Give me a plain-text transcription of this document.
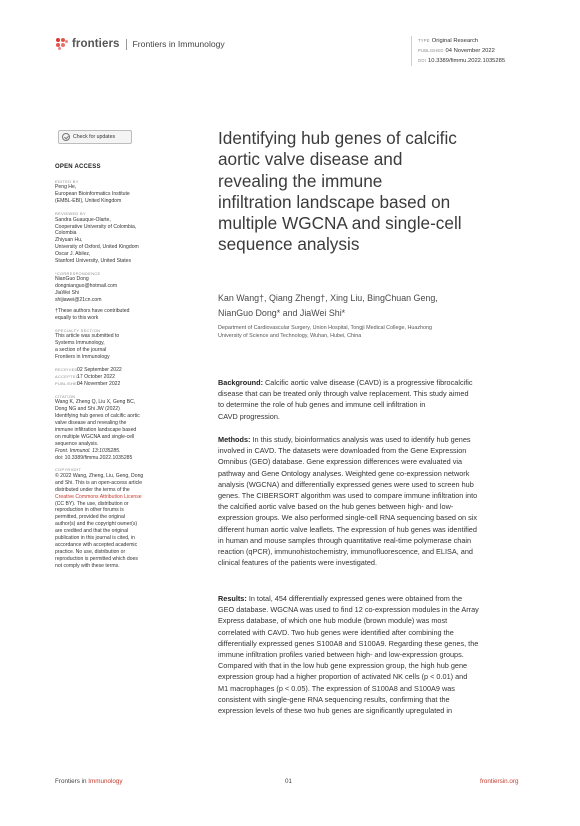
frontiers Frontiers in Immunology	TYPE Original Research
PUBLISHED 04 November 2022
DOI 10.3389/fimmu.2022.1035285
Check for updates
OPEN ACCESS
EDITED BY
Peng He,
European Bioinformatics Institute
(EMBL-EBI), United Kingdom
REVIEWED BY
Sandra Guauque-Olarte,
Cooperative University of Colombia,
Colombia
Zhiyuan Hu,
University of Oxford, United Kingdom
Oscar J. Abilez,
Stanford University, United States
*CORRESPONDENCE
NianGuo Dong
dongnianguo@hotmail.com
JiaWei Shi
shijiawei@21cn.com
†These authors have contributed
equally to this work
SPECIALTY SECTION
This article was submitted to
Systems Immunology,
a section of the journal
Frontiers in Immunology
RECEIVED02 September 2022
ACCEPTED17 October 2022
PUBLISHED04 November 2022
CITATION
Wang K, Zheng Q, Liu X, Geng BC,
Dong NG and Shi JW (2022)
Identifying hub genes of calcific aortic
valve disease and revealing the
immune infiltration landscape based
on multiple WGCNA and single-cell
sequence analysis.
Front. Immunol. 13:1035285.
doi: 10.3389/fimmu.2022.1035285
COPYRIGHT
© 2022 Wang, Zheng, Liu, Geng, Dong
and Shi. This is an open-access article
distributed under the terms of the
Creative Commons Attribution License
(CC BY). The use, distribution or
reproduction in other forums is
permitted, provided the original
author(s) and the copyright owner(s)
are credited and that the original
publication in this journal is cited, in
accordance with accepted academic
practice. No use, distribution or
reproduction is permitted which does
not comply with these terms.
Identifying hub genes of calcific
aortic valve disease and
revealing the immune
infiltration landscape based on
multiple WGCNA and single-cell
sequence analysis
Kan Wang†, Qiang Zheng†, Xing Liu, BingChuan Geng,
NianGuo Dong* and JiaWei Shi*
Department of Cardiovascular Surgery, Union Hospital, Tongji Medical College, Huazhong
University of Science and Technology, Wuhan, Hubei, China
Background: Calcific aortic valve disease (CAVD) is a progressive fibrocalcific
disease that can be treated only through valve replacement. This study aimed
to determine the role of hub genes and immune cell infiltration in
CAVD progression.
Methods: In this study, bioinformatics analysis was used to identify hub genes
involved in CAVD. The datasets were downloaded from the Gene Expression
Omnibus (GEO) database. Gene expression differences were evaluated via
pathway and Gene Ontology analyses. Weighted gene co-expression network
analysis (WGCNA) and differentially expressed genes were used to screen hub
genes. The CIBERSORT algorithm was used to compare immune infiltration into
the calcified aortic valve based on the hub genes between high- and low-
expression groups. We also performed single-cell RNA sequencing based on six
different human aortic valve leaflets. The expression of hub genes was identified
in human and mouse samples through quantitative real-time polymerase chain
reaction (qPCR), immunohistochemistry, immunofluorescence, and ELISA, and
clinical features of the patients were investigated.
Results: In total, 454 differentially expressed genes were obtained from the
GEO database. WGCNA was used to find 12 co-expression modules in the Array
Express database, of which one hub module (brown module) was most
correlated with CAVD. Two hub genes were identified after combining the
differentially expressed genes S100A8 and S100A9. Regarding these genes, the
immune infiltration profiles varied between high- and low-expression groups.
Compared with that in the low hub gene expression group, the high hub gene
expression group had a higher proportion of activated NK cells (p < 0.01) and
M1 macrophages (p < 0.05). The expression of S100A8 and S100A9 was
consistent with single-gene RNA sequencing results, confirming that the
expression levels of these two hub genes are significantly upregulated in
Frontiers in Immunology	01	frontiersin.org
